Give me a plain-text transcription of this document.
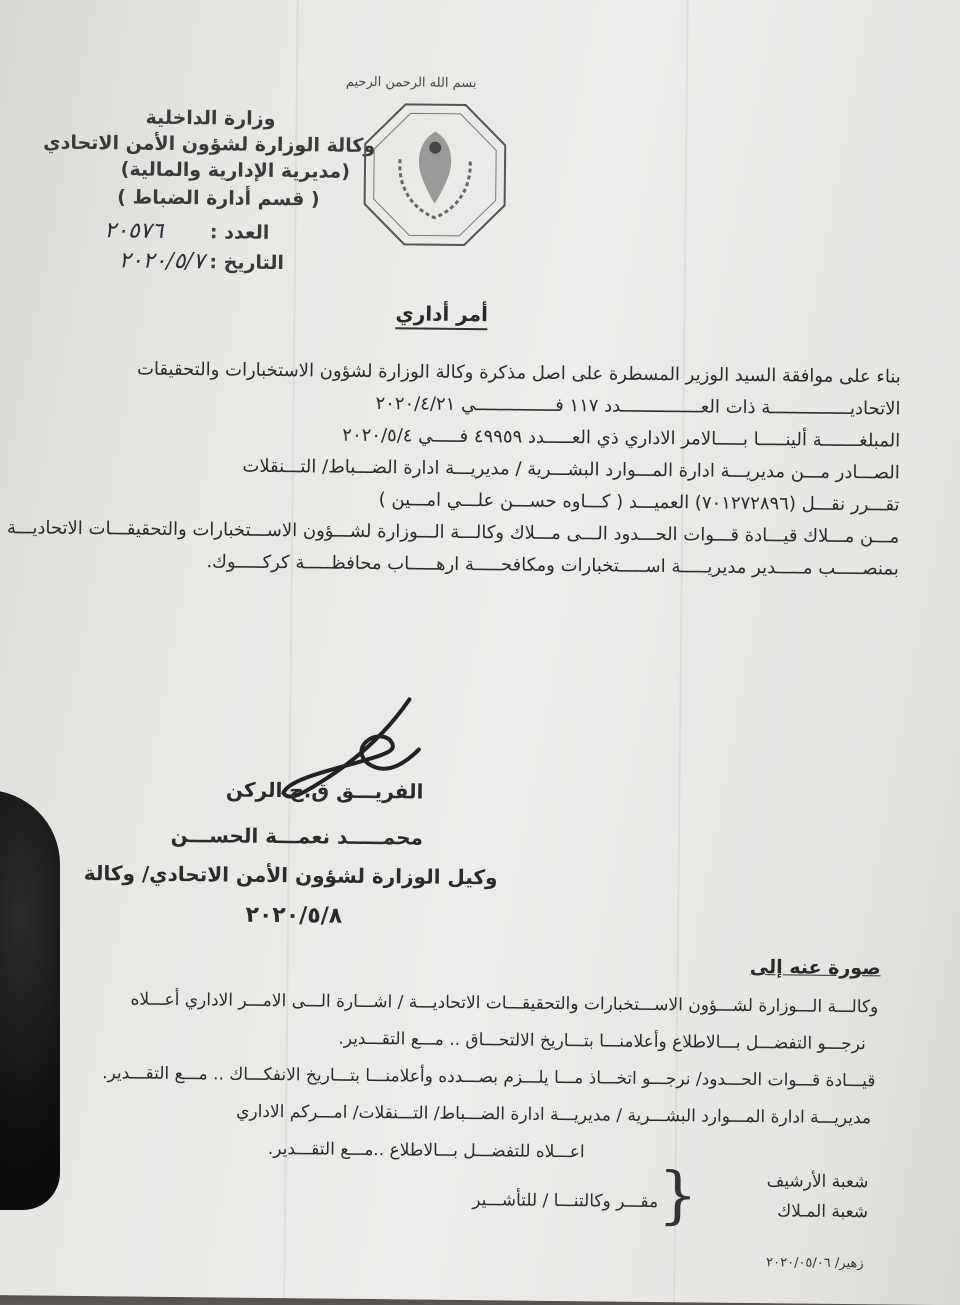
بسم الله الرحمن الرحيم
وزارة الداخلية
وكالة الوزارة لشؤون الأمن الاتحادي
(مديرية الإدارية والمالية)
( قسم أدارة الضباط )
العدد :
٢٠٥٧٦
التاريخ :
٢٠٢٠/٥/٧
أمر أداري
بناء على موافقة السيد الوزير المسطرة على اصل مذكرة وكالة الوزارة لشؤون الاستخبارات والتحقيقات
الاتحاديـــــــــــــــة ذات العـــــــــــــــدد ١١٧ فـــــــــــــــي ٢٠٢٠/٤/٢١
المبلغـــــــة ألينـــــا بـــــالامر الاداري ذي العـــــدد ٤٩٩٥٩ فـــــي ٢٠٢٠/٥/٤
الصـــادر مـــن مديريـــة ادارة المـــوارد البشـــرية / مديريـــة ادارة الضـــباط/ التـــنقلات
تقـــرر نقـــل (٧٠١٢٧٢٨٩٦) العميـــد ( كـــاوه حســـن علـــي امـــين )
مـــن مـــلاك قيـــادة قـــوات الحـــدود الـــى مـــلاك وكالـــة الـــوزارة لشـــؤون الاســـتخبارات والتحقيقـــات الاتحاديـــة
بمنصـــــب مـــــدير مديريـــــة اســـــتخبارات ومكافحـــــة ارهـــــاب محافظـــــة كركـــــوك.
الفريـــق ق.ج الركن
محمـــــد نعمـــة الحســـن
وكيل الوزارة لشؤون الأمن الاتحادي/ وكالة
٢٠٢٠/٥/٨
صورة عنه إلى
وكالـــة الـــوزارة لشـــؤون الاســـتخبارات والتحقيقـــات الاتحاديـــة / اشـــارة الـــى الامـــر الاداري أعـــلاه
نرجـــو التفضـــل بـــالاطلاع وأعلامنـــا بتـــاريخ الالتحـــاق .. مـــع التقـــدير.
قيـــادة قـــوات الحـــدود/ نرجـــو اتخـــاذ مـــا يلـــزم بصـــدده وأعلامنـــا بتـــاريخ الانفكـــاك .. مـــع التقـــدير.
مديريـــة ادارة المـــوارد البشـــرية / مديريـــة ادارة الضـــباط/ التـــنقلات/ امـــركم الاداري
اعـــلاه للتفضـــل بـــالاطلاع ..مـــع التقـــدير.
شعبة الأرشيف
شعبة المـلاك
{
مقـــر وكالتنـــا / للتأشـــير
زهير/ ٢٠٢٠/٠٥/٠٦
